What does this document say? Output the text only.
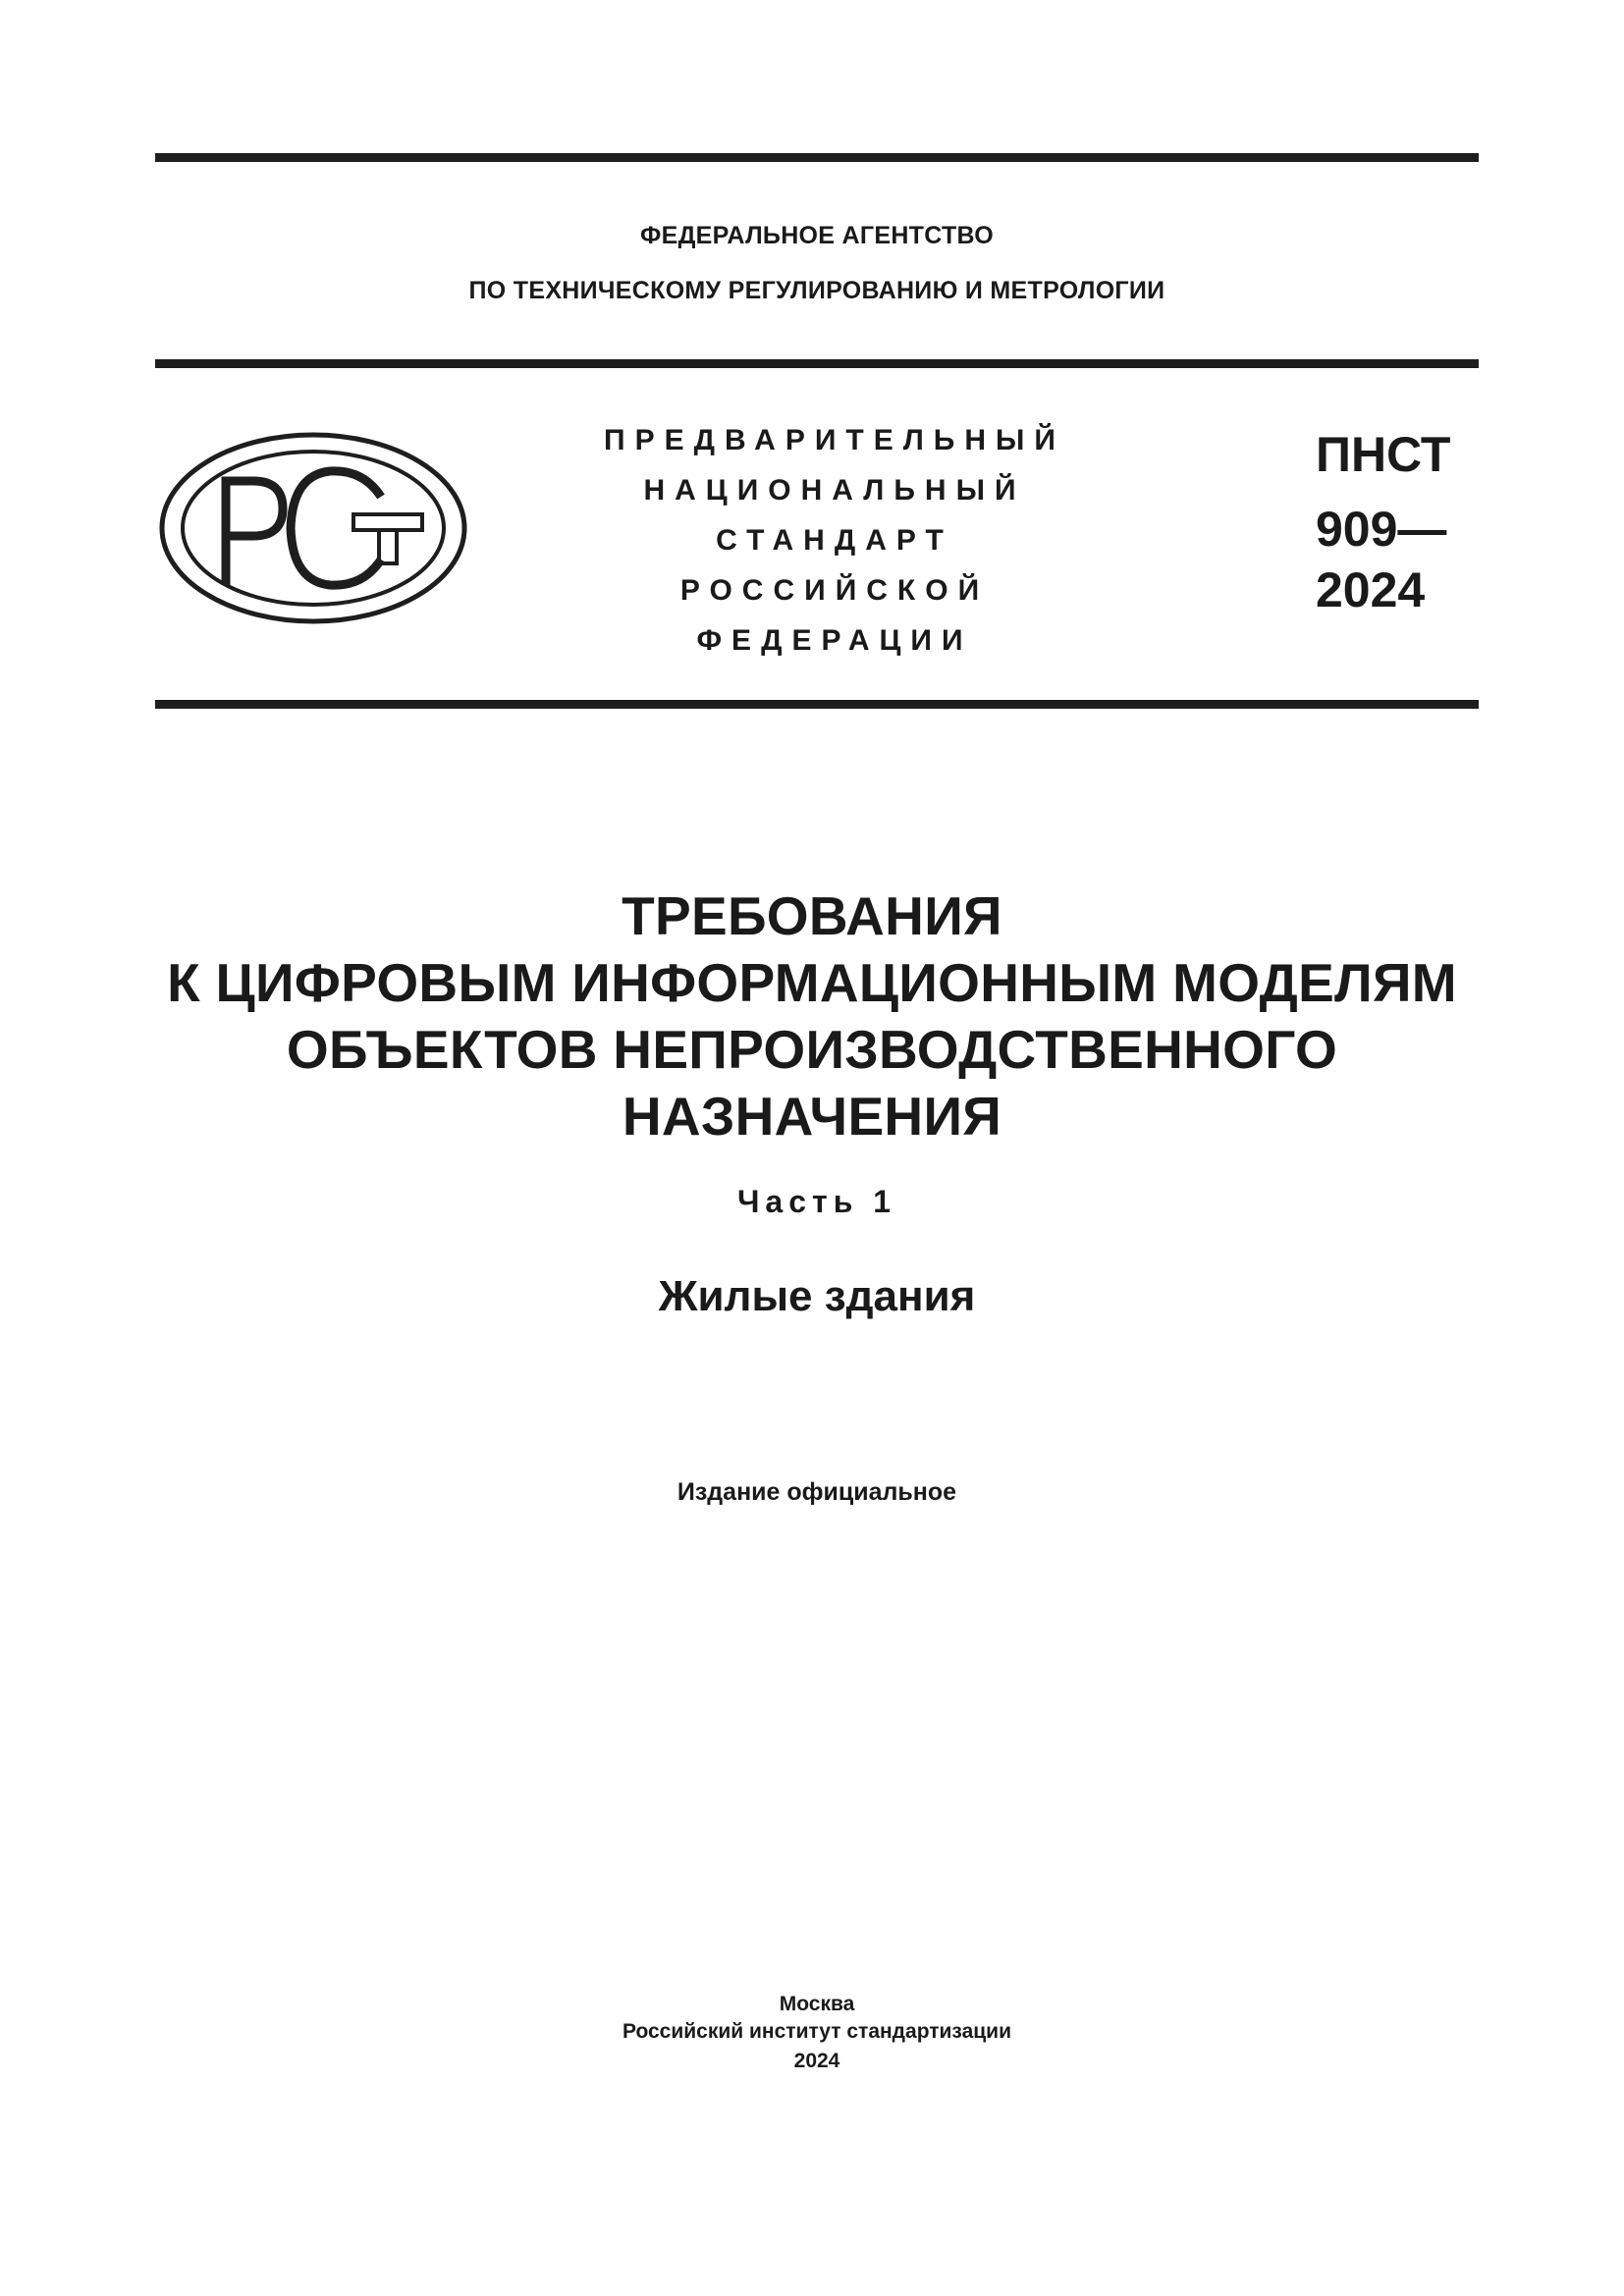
ФЕДЕРАЛЬНОЕ АГЕНТСТВО
ПО ТЕХНИЧЕСКОМУ РЕГУЛИРОВАНИЮ И МЕТРОЛОГИИ
ПРЕДВАРИТЕЛЬНЫЙ
НАЦИОНАЛЬНЫЙ
СТАНДАРТ
РОССИЙСКОЙ
ФЕДЕРАЦИИ
ПНСТ
909—
2024
ТРЕБОВАНИЯ
К ЦИФРОВЫМ ИНФОРМАЦИОННЫМ МОДЕЛЯМ
ОБЪЕКТОВ НЕПРОИЗВОДСТВЕННОГО
НАЗНАЧЕНИЯ
Часть 1
Жилые здания
Издание официальное
Москва
Российский институт стандартизации
2024
